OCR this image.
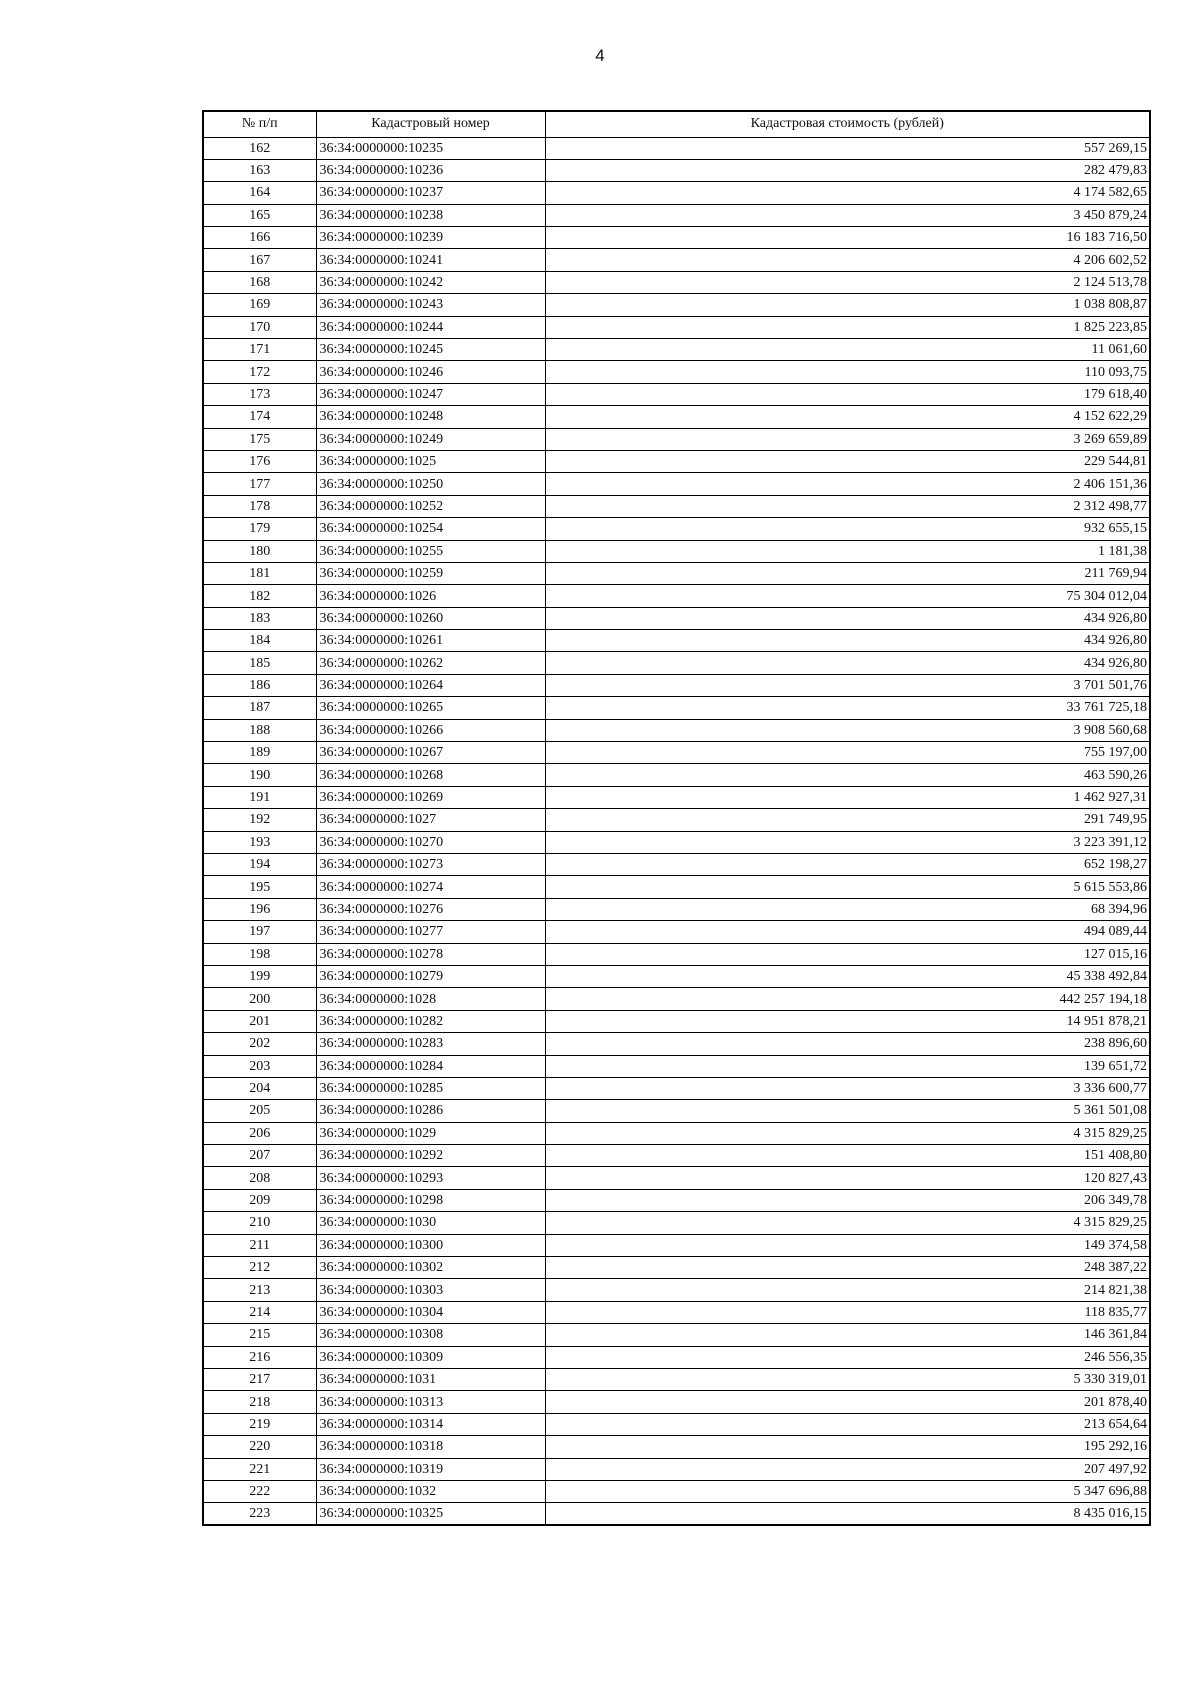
4
№ п/п	Кадастровый номер	Кадастровая стоимость (рублей)
162	36:34:0000000:10235	557 269,15
163	36:34:0000000:10236	282 479,83
164	36:34:0000000:10237	4 174 582,65
165	36:34:0000000:10238	3 450 879,24
166	36:34:0000000:10239	16 183 716,50
167	36:34:0000000:10241	4 206 602,52
168	36:34:0000000:10242	2 124 513,78
169	36:34:0000000:10243	1 038 808,87
170	36:34:0000000:10244	1 825 223,85
171	36:34:0000000:10245	11 061,60
172	36:34:0000000:10246	110 093,75
173	36:34:0000000:10247	179 618,40
174	36:34:0000000:10248	4 152 622,29
175	36:34:0000000:10249	3 269 659,89
176	36:34:0000000:1025	229 544,81
177	36:34:0000000:10250	2 406 151,36
178	36:34:0000000:10252	2 312 498,77
179	36:34:0000000:10254	932 655,15
180	36:34:0000000:10255	1 181,38
181	36:34:0000000:10259	211 769,94
182	36:34:0000000:1026	75 304 012,04
183	36:34:0000000:10260	434 926,80
184	36:34:0000000:10261	434 926,80
185	36:34:0000000:10262	434 926,80
186	36:34:0000000:10264	3 701 501,76
187	36:34:0000000:10265	33 761 725,18
188	36:34:0000000:10266	3 908 560,68
189	36:34:0000000:10267	755 197,00
190	36:34:0000000:10268	463 590,26
191	36:34:0000000:10269	1 462 927,31
192	36:34:0000000:1027	291 749,95
193	36:34:0000000:10270	3 223 391,12
194	36:34:0000000:10273	652 198,27
195	36:34:0000000:10274	5 615 553,86
196	36:34:0000000:10276	68 394,96
197	36:34:0000000:10277	494 089,44
198	36:34:0000000:10278	127 015,16
199	36:34:0000000:10279	45 338 492,84
200	36:34:0000000:1028	442 257 194,18
201	36:34:0000000:10282	14 951 878,21
202	36:34:0000000:10283	238 896,60
203	36:34:0000000:10284	139 651,72
204	36:34:0000000:10285	3 336 600,77
205	36:34:0000000:10286	5 361 501,08
206	36:34:0000000:1029	4 315 829,25
207	36:34:0000000:10292	151 408,80
208	36:34:0000000:10293	120 827,43
209	36:34:0000000:10298	206 349,78
210	36:34:0000000:1030	4 315 829,25
211	36:34:0000000:10300	149 374,58
212	36:34:0000000:10302	248 387,22
213	36:34:0000000:10303	214 821,38
214	36:34:0000000:10304	118 835,77
215	36:34:0000000:10308	146 361,84
216	36:34:0000000:10309	246 556,35
217	36:34:0000000:1031	5 330 319,01
218	36:34:0000000:10313	201 878,40
219	36:34:0000000:10314	213 654,64
220	36:34:0000000:10318	195 292,16
221	36:34:0000000:10319	207 497,92
222	36:34:0000000:1032	5 347 696,88
223	36:34:0000000:10325	8 435 016,15
